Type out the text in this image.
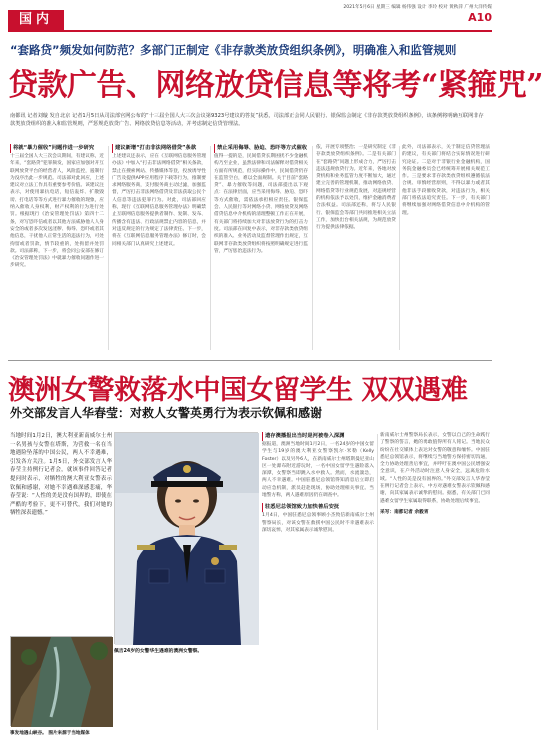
国内
2021年5月6日 星期三 编辑 杨伟强 设计 李玲 校对 黄秋萍 广州大洋传媒
A10
“套路贷”频发如何防范？多部门正制定《非存款类放贷组织条例》，明确准入和监管规则
贷款广告、网络放贷信息等将考“紧箍咒”
南都讯 记者刘璇 发自北京 记者1月5日从司法部官网公布的“十三届全国人大三次会议第9323号建议的答复”获悉，司法部正会同人民银行、银保监会制定《非存款类放贷组织条例》，该条例将明确互联网非存款类放贷组织的准入和监管规则，严惩规范放贷广告、网络放贷信息等活动，并考虑制定信贷管理法。
将就“暴力催收”问题作进一步研究
十三届全国人大三次会议期间，有建议称，近年来，“套路贷”犯罪频发，国家应加强对开互联网放贷平台的经营者人，风险监控，遏制行为没序出此一步规范。司法部对此回应，上述建议对立法工作具有重要参考价值。该建议注表示，对使用暴抗电话，短信轰炸、扩散毁谤、打电话等等方式进行暴力催收的现象，应纳入催收人身权利，财产权利的行为进行处罚。根据现行《治安管理处罚法》第四十二条，对写恐吓信或者以其他方法威胁他人人身安全的或者多次发送淫秽、侮辱、恐吓或者其他信息，干扰他人正常生活的违法行为，可处拘留或者罚款，情节较重的，处拘留并处罚款。司法部称，下一步，将会同公安部在修订《治安管理处罚法》中就暴力催收问题作进一步研究。
建议新增“打击非法网络借贷”条款
上述建议还表示，应在《互联网信息服务管理办法》中加入“打击非法网络借贷”相关条款，禁止在搜索网站、传播媒体等登，投放诱导性广告及提供APP应用程序下载等行为，推制要求网络服务商，支付服务商主动过滤，加强监督，严厉打击非法网络借贷及非法获取公民个人信息等违法犯罪行为。对此，司法部回应称，现行《互联网信息服务管理办法》明确禁止互联网信息服务提供者制作、复制、发布、传播含有违法、行政法规禁止内容的信息，并对违反规定的行为规定了法律责任。下一步，将在《互联网信息服务管理办法》修订时，会同相关部门认真研究上述建议。
禁止采用侮辱、胁迫、恐吓等方式催收
值得一提的是，民间借贷长期困扰不少金融机构乃至企业，虽然法律和司法解释对借贷相关方面有所规范，但实际操作中，民间借贷仍存在监管空白，难以全面规制。关于目前“套路贷”、暴力催收等问题，司法部提出以下观点：在法律层面，应当采用侮辱、胁迫、恐吓等方式催收，需依法承担相应责任。银保监会、人民银行等对网络小贷、网络放贷及网络借贷信息中介机构的清理整顿工作正在开展，有关部门将持续加大对非法放贷行为的打击力度。司法部在回复中表示，对非存款类放贷组织的准入、业务活动及监督管理作出规定，互联网非存款类放贷组织将按照明确规定进行监管，严厉惩治违法行为。
依，开展专项整治；一是研究制定《非存款类放贷组织条例》。二是有关部门在“套路贷”问题上形成合力，严厉打击违法违规放贷行为。近年来，各地对放贷机构和业务监管力度不断加大，通过建立完善的管理机制，推动网络放贷、网络借贷等行业规范发展，对违规经营的机构依法予以处罚，维护金融消费者合法权益。司法部还称，将与人民银行、银保监会等部门共同推进相关立法工作，加快出台相关法规，为规范放贷行为提供法律依据。
此外，司法部表示，关于制定信贷管理法的建议，有关部门将结合实际情况进行研究论证。二是对于非银行业金融机构，国务院金融委员会已经统筹开展相关规范工作。三是要求非存款类放贷组织遵循依法合规、审慎经营原则，不得以暴力或者其他非法手段催收贷款，对违法行为，相关部门将依法追究责任。下一步，有关部门将继续加强对网络借贷信息中介机构的管理。
澳洲女警救落水中国女留学生 双双遇难
外交部发言人华春莹：对救人女警英勇行为表示钦佩和感谢
当地时间1月2日，澳大利亚新南威尔士州一名男孩与女警在塔斯，为营救一名在当地遇险坠落的中国公民，两人不幸遇难，引发各方关注。1月5日，外交部发言人华春莹主持例行记者会，就该事件回答记者提问时表示，对牺牲的澳大利亚女警表示钦佩和感谢，对她不幸遇难深感悲痛，华春莹说：“人性的美是没有国界的，即使在严酷的考验下，更不可替代，我们对她的牺牲深表遗憾。”
佩吉24岁的女警华生遇难的澳洲女警察。
事发地遇山峡谷。 图片来源于当地媒体
遗存澳播报出当时是河被卷入深渊
据报道，澳洲当地时间1月2日，一名24岁的中国女留学生与19岁的澳大利亚女警察凯尔·米勒（Kelly Foster）以及另外6人，在新南威尔士州塔斯曼尼亚山区一处瀑布附近游玩时，一名中国女留学生遇险落入深潭，女警察当即跳入水中救人。然而，水流湍急，两人不幸遇难。中国驻悉尼总领馆得知消息后立即启动应急机制，派员赶赴现场，协助处理相关事宜。当地警方称，两人遇难原因仍在调查中。
驻悉尼总领馆致力加快善后安抚
1月4日，中国驻悉尼总领事顾小杰致信新南威尔士州警察局长，对该女警在救援中国公民时不幸遇难表示深切哀悼，对其家属表示诚挚慰问。
新南威尔士州警察局长表示，女警以自己的生命践行了警察的誓言，她的勇敢值得所有人铭记。当地民众纷纷在社交媒体上表达对女警的敬意和缅怀。中国驻悉尼总领馆表示，将继续与当地警方保持密切沟通，全力协助处理善后事宜，并呼吁在澳中国公民增强安全意识，在户外活动时注意人身安全，远离危险水域。“人性的美是没有国界的。”外交部发言人华春莹在例行记者会上表示，中方对遇难女警表示钦佩和感谢，向其家属表示诚挚的慰问。据悉，有关部门已同遇难女留学生家属取得联系，协助处理后续事宜。
采写：南都记者 余毅宵
